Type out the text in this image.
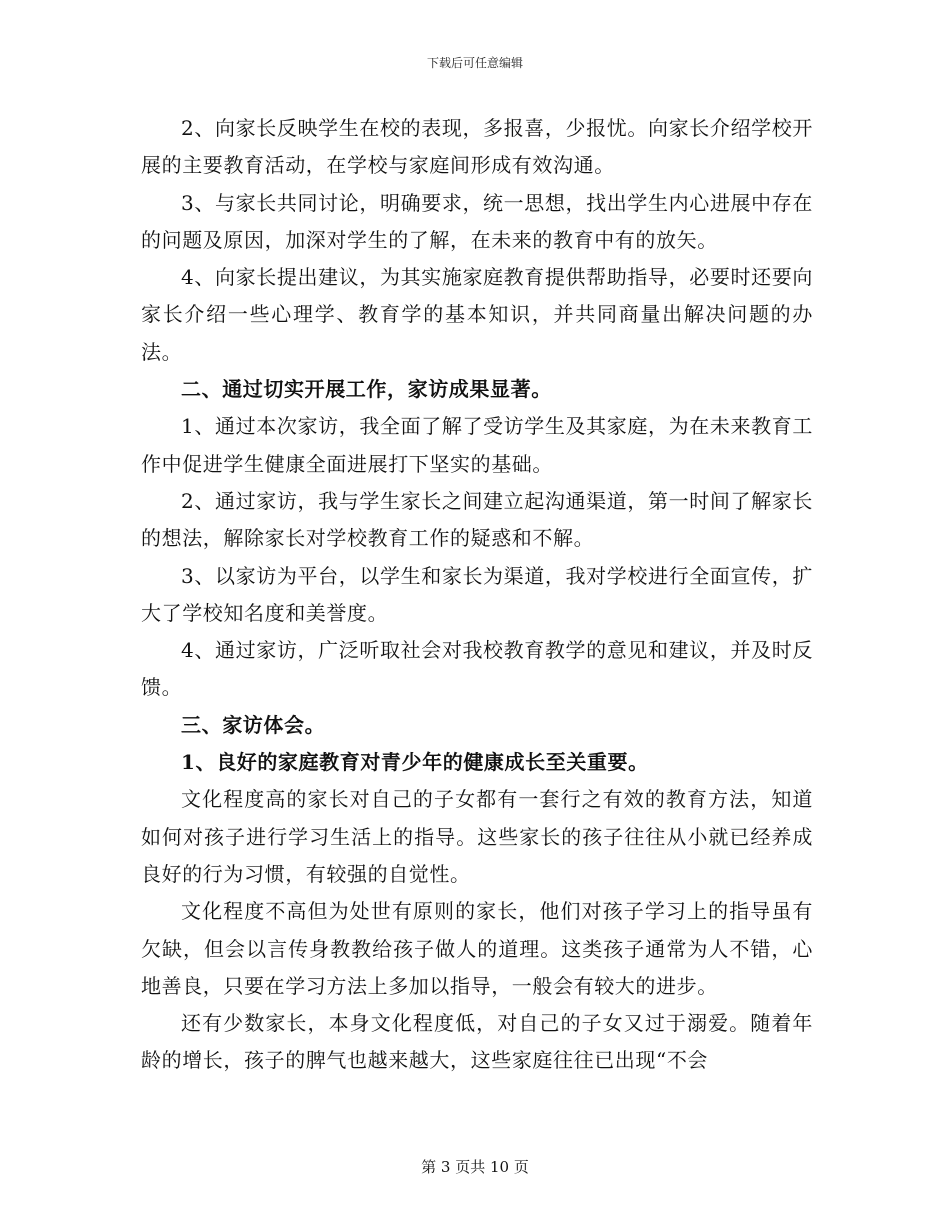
下载后可任意编辑

2、向家长反映学生在校的表现，多报喜，少报忧。向家长介绍学校开展的主要教育活动，在学校与家庭间形成有效沟通。

3、与家长共同讨论，明确要求，统一思想，找出学生内心进展中存在的问题及原因，加深对学生的了解，在未来的教育中有的放矢。

4、向家长提出建议，为其实施家庭教育提供帮助指导，必要时还要向家长介绍一些心理学、教育学的基本知识，并共同商量出解决问题的办法。

二、通过切实开展工作，家访成果显著。

1、通过本次家访，我全面了解了受访学生及其家庭，为在未来教育工作中促进学生健康全面进展打下坚实的基础。

2、通过家访，我与学生家长之间建立起沟通渠道，第一时间了解家长的想法，解除家长对学校教育工作的疑惑和不解。

3、以家访为平台，以学生和家长为渠道，我对学校进行全面宣传，扩大了学校知名度和美誉度。

4、通过家访，广泛听取社会对我校教育教学的意见和建议，并及时反馈。

三、家访体会。

1、良好的家庭教育对青少年的健康成长至关重要。

文化程度高的家长对自己的子女都有一套行之有效的教育方法，知道如何对孩子进行学习生活上的指导。这些家长的孩子往往从小就已经养成良好的行为习惯，有较强的自觉性。

文化程度不高但为处世有原则的家长，他们对孩子学习上的指导虽有欠缺，但会以言传身教教给孩子做人的道理。这类孩子通常为人不错，心地善良，只要在学习方法上多加以指导，一般会有较大的进步。

还有少数家长，本身文化程度低，对自己的子女又过于溺爱。随着年龄的增长，孩子的脾气也越来越大，这些家庭往往已出现“不会

第 3 页共 10 页
